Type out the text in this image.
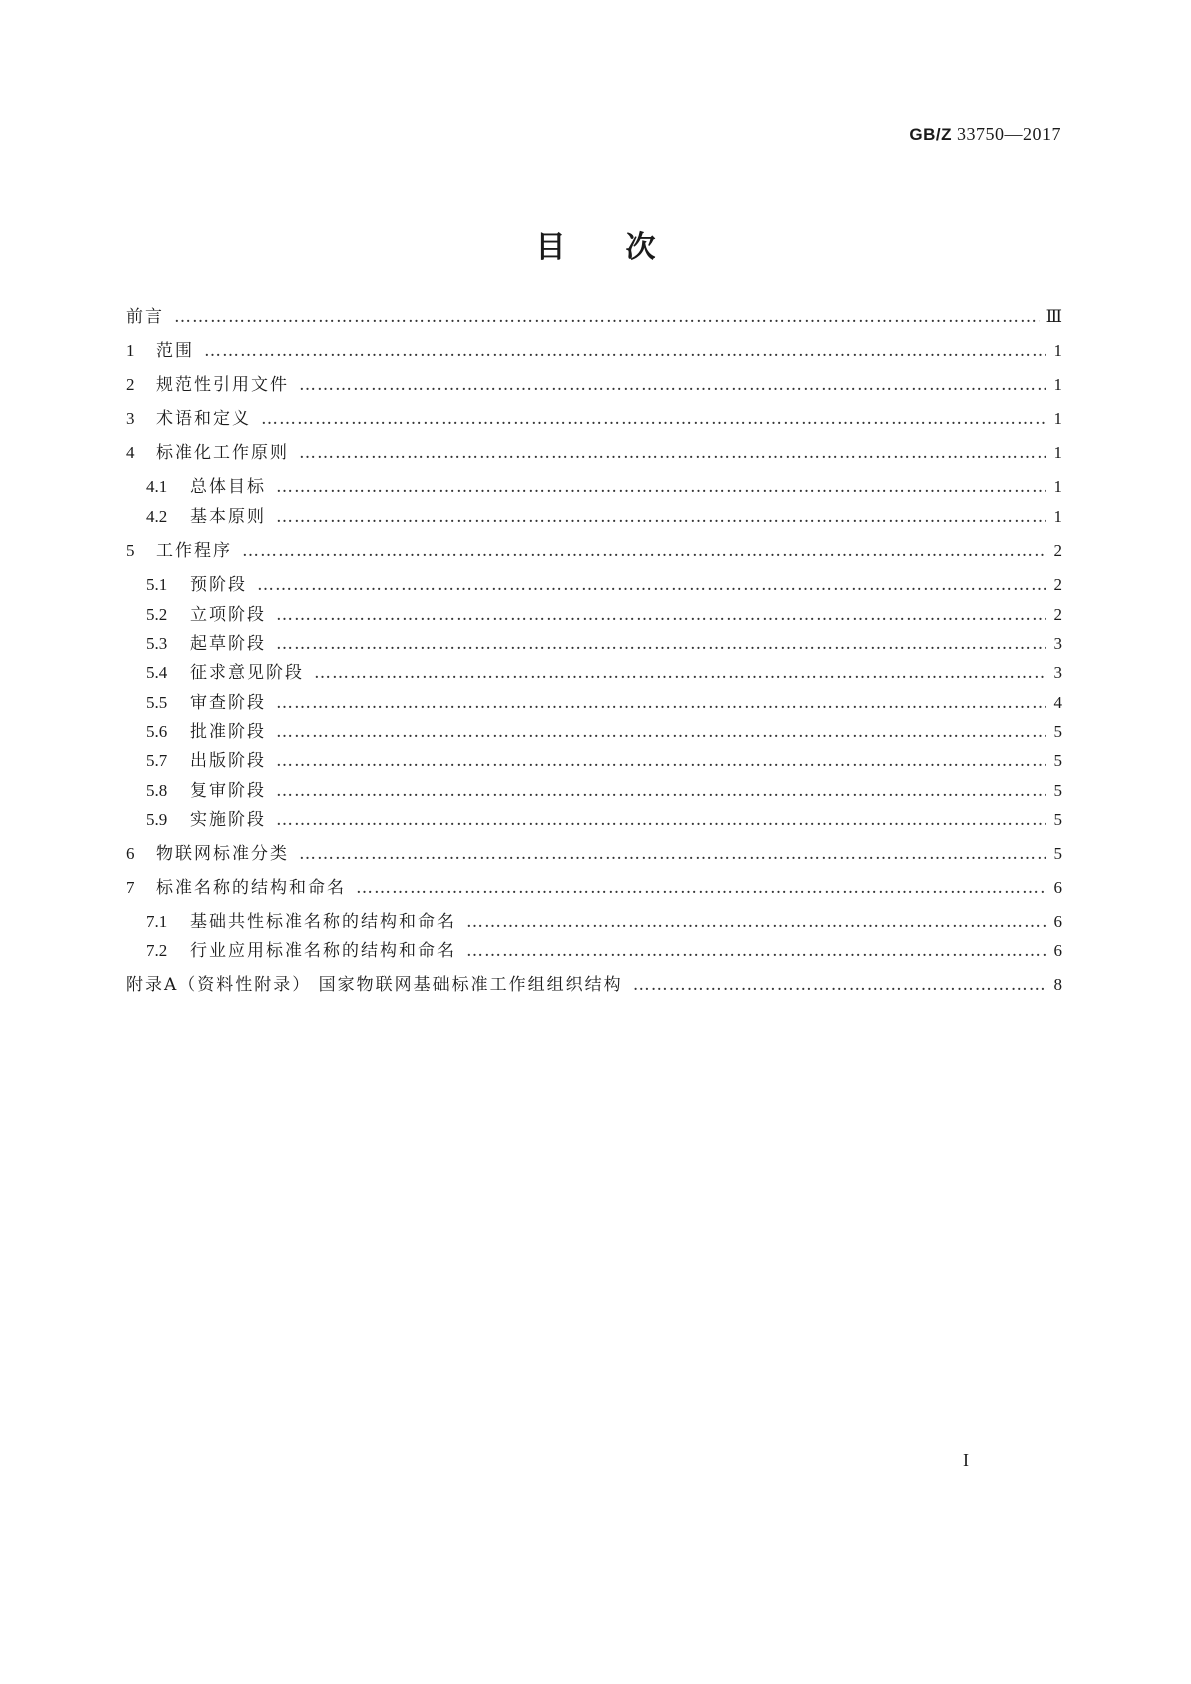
GB/Z 33750—2017
目次
前言 …………………………………………………………………………………………………………………………………………………………………………………………………………………………………………	Ⅲ
1	范围 …………………………………………………………………………………………………………………………………………………………………………………………………………………………………………	1
2	规范性引用文件 …………………………………………………………………………………………………………………………………………………………………………………………………………………………………………	1
3	术语和定义 …………………………………………………………………………………………………………………………………………………………………………………………………………………………………………	1
4	标准化工作原则 …………………………………………………………………………………………………………………………………………………………………………………………………………………………………………	1
4.1	总体目标 …………………………………………………………………………………………………………………………………………………………………………………………………………………………………………	1
4.2	基本原则 …………………………………………………………………………………………………………………………………………………………………………………………………………………………………………	1
5	工作程序 …………………………………………………………………………………………………………………………………………………………………………………………………………………………………………	2
5.1	预阶段 …………………………………………………………………………………………………………………………………………………………………………………………………………………………………………	2
5.2	立项阶段 …………………………………………………………………………………………………………………………………………………………………………………………………………………………………………	2
5.3	起草阶段 …………………………………………………………………………………………………………………………………………………………………………………………………………………………………………	3
5.4	征求意见阶段 …………………………………………………………………………………………………………………………………………………………………………………………………………………………………………	3
5.5	审查阶段 …………………………………………………………………………………………………………………………………………………………………………………………………………………………………………	4
5.6	批准阶段 …………………………………………………………………………………………………………………………………………………………………………………………………………………………………………	5
5.7	出版阶段 …………………………………………………………………………………………………………………………………………………………………………………………………………………………………………	5
5.8	复审阶段 …………………………………………………………………………………………………………………………………………………………………………………………………………………………………………	5
5.9	实施阶段 …………………………………………………………………………………………………………………………………………………………………………………………………………………………………………	5
6	物联网标准分类 …………………………………………………………………………………………………………………………………………………………………………………………………………………………………………	5
7	标准名称的结构和命名 …………………………………………………………………………………………………………………………………………………………………………………………………………………………………………	6
7.1	基础共性标准名称的结构和命名 …………………………………………………………………………………………………………………………………………………………………………………………………………………………………………	6
7.2	行业应用标准名称的结构和命名 …………………………………………………………………………………………………………………………………………………………………………………………………………………………………………	6
附录A（资料性附录） 国家物联网基础标准工作组组织结构 …………………………………………………………………………………………………………………………………………………………………………………………………………………………………………	8
I
